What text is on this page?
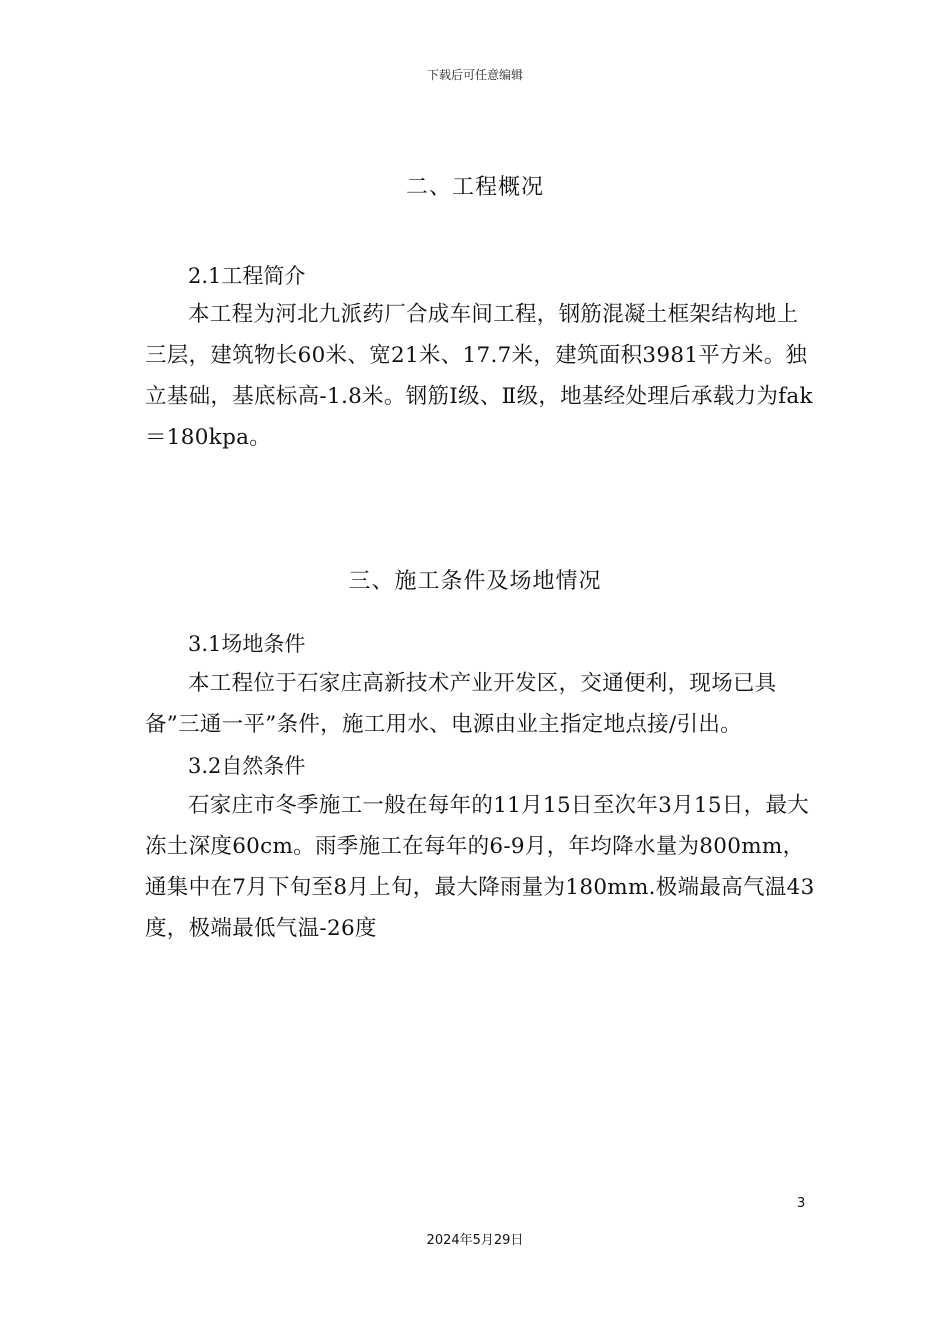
下载后可任意编辑
二、工程概况
2.1工程简介

本工程为河北九派药厂合成车间工程，钢筋混凝土框架结构地上三层，建筑物长60米、宽21米、17.7米，建筑面积3981平方米。独立基础，基底标高-1.8米。钢筋Ⅰ级、Ⅱ级，地基经处理后承载力为fak＝180kpa。

三、施工条件及场地情况
3.1场地条件

本工程位于石家庄高新技术产业开发区，交通便利，现场已具备”三通一平”条件，施工用水、电源由业主指定地点接/引出。

3.2自然条件

石家庄市冬季施工一般在每年的11月15日至次年3月15日，最大冻土深度60cm。雨季施工在每年的6-9月，年均降水量为800mm，通集中在7月下旬至8月上旬，最大降雨量为180mm.极端最高气温43度，极端最低气温-26度

3
2024年5月29日
